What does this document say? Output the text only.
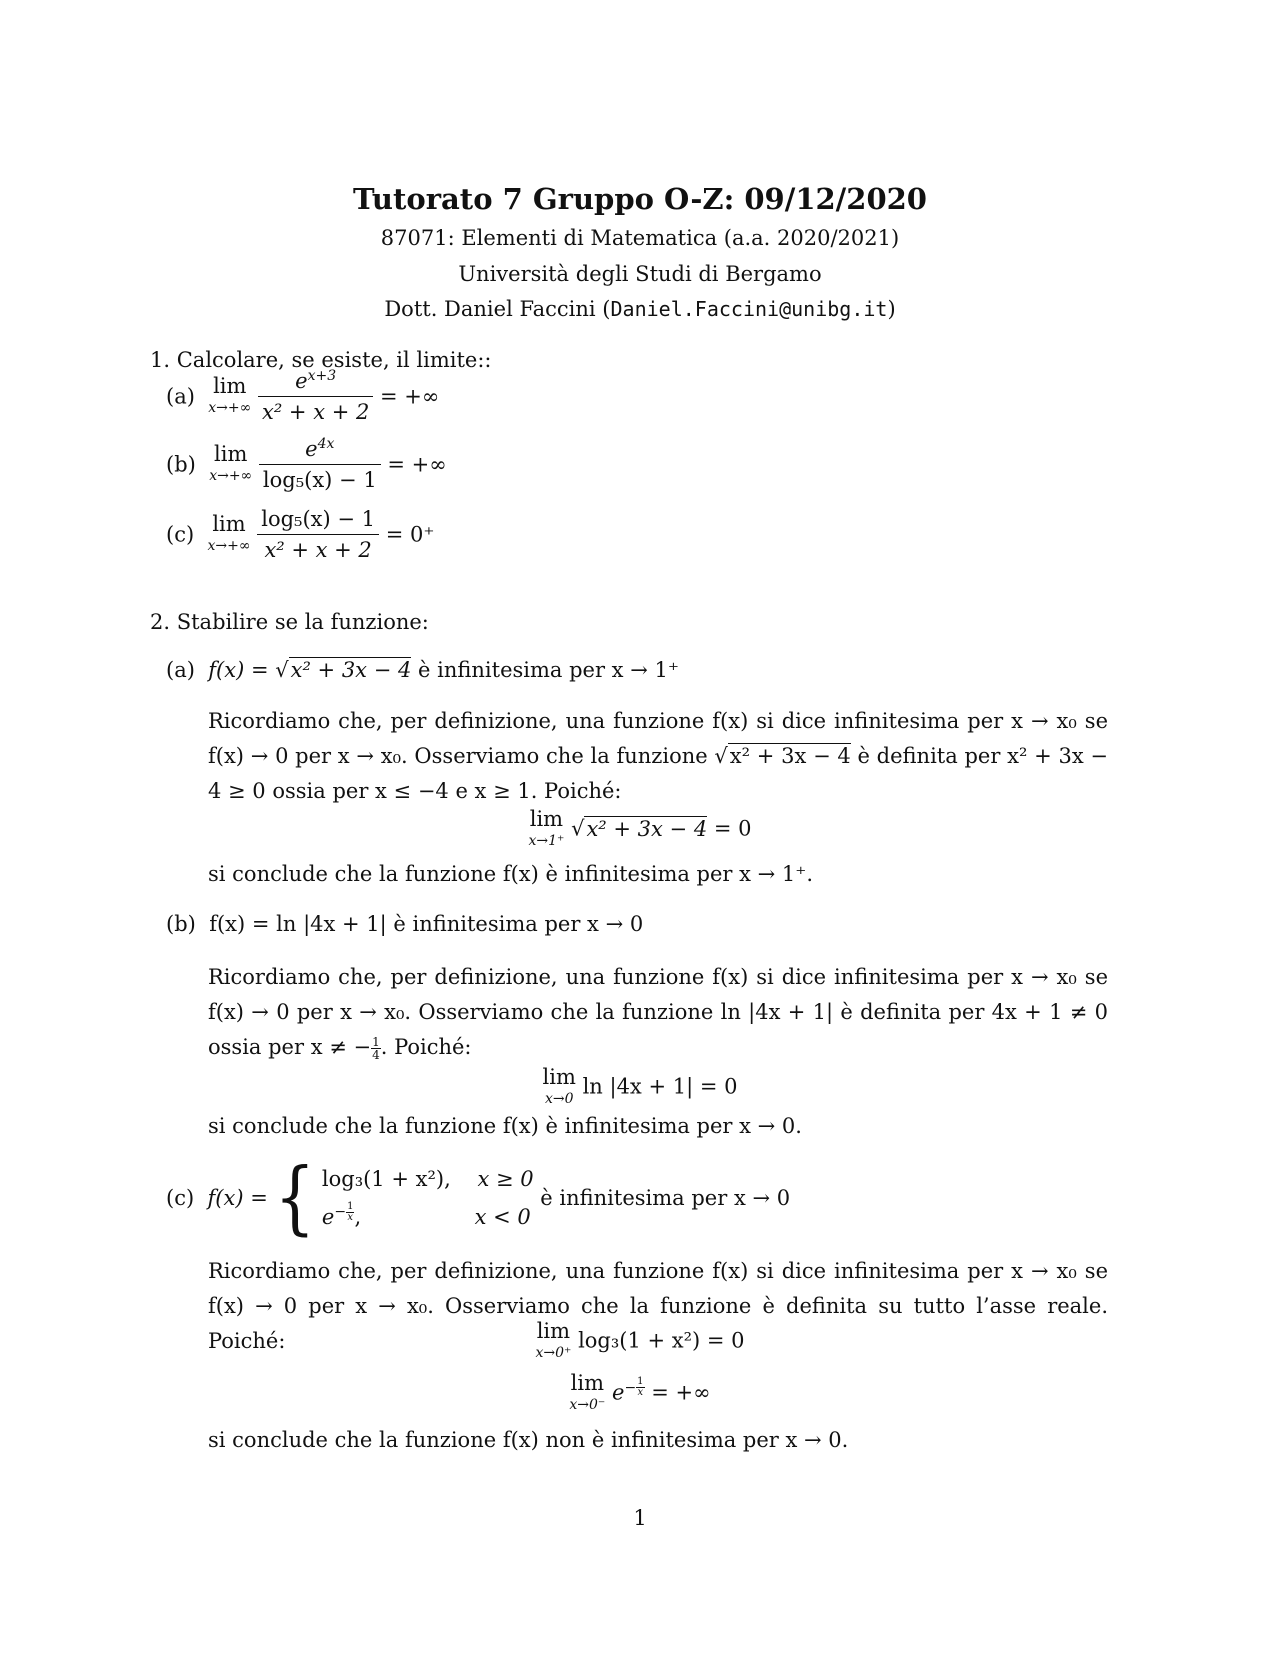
Tutorato 7 Gruppo O-Z: 09/12/2020
87071: Elementi di Matematica (a.a. 2020/2021)
Università degli Studi di Bergamo
Dott. Daniel Faccini (Daniel.Faccini@unibg.it)
1. Calcolare, se esiste, il limite::
(a) lim
x→+∞
$\frac{e^{x+3}}{\text{x² + x + 2}}$ = +∞
(b) lim
x→+∞
$\frac{e^{4x}}{\text{log₅(x) − 1}}$ = +∞
(c) lim
x→+∞
$\frac{\text{log₅(x) − 1}}{\text{x² + x + 2}} = 0^+$
2. Stabilire se la funzione:
(a) f(x) = √x² + 3x − 4 è infinitesima per x → 1⁺
Ricordiamo che, per definizione, una funzione f(x) si dice infinitesima per x → x₀ se f(x) → 0 per x → x₀. Osserviamo che la funzione √x² + 3x − 4 è definita per x² + 3x − 4 ≥ 0 ossia per x ≤ −4 e x ≥ 1. Poiché:
lim
x→1⁺
√x² + 3x − 4 = 0
si conclude che la funzione f(x) è infinitesima per x → 1⁺.
(b) f(x) = ln |4x + 1| è infinitesima per x → 0
Ricordiamo che, per definizione, una funzione f(x) si dice infinitesima per x → x₀ se f(x) → 0 per x → x₀. Osserviamo che la funzione ln |4x + 1| è definita per 4x + 1 ≠ 0 ossia per x ≠ − $\frac{1}{4}$ . Poiché:
lim
x→0
ln |4x + 1| = 0
si conclude che la funzione f(x) è infinitesima per x → 0.
(c) f(x) = { log₃(1 + x²), x ≥ 0
$e^{- \frac{1}{x}}$ ,                 x < 0
è infinitesima per x → 0
Ricordiamo che, per definizione, una funzione f(x) si dice infinitesima per x → x₀ se f(x) → 0 per x → x₀. Osserviamo che la funzione è definita su tutto l’asse reale. Poiché:	lim
x→0⁺
log₃(1 + x²) = 0
lim
x→0⁻
$e^{- \frac{1}{x}}$ = +∞
si conclude che la funzione f(x) non è infinitesima per x → 0.
1
